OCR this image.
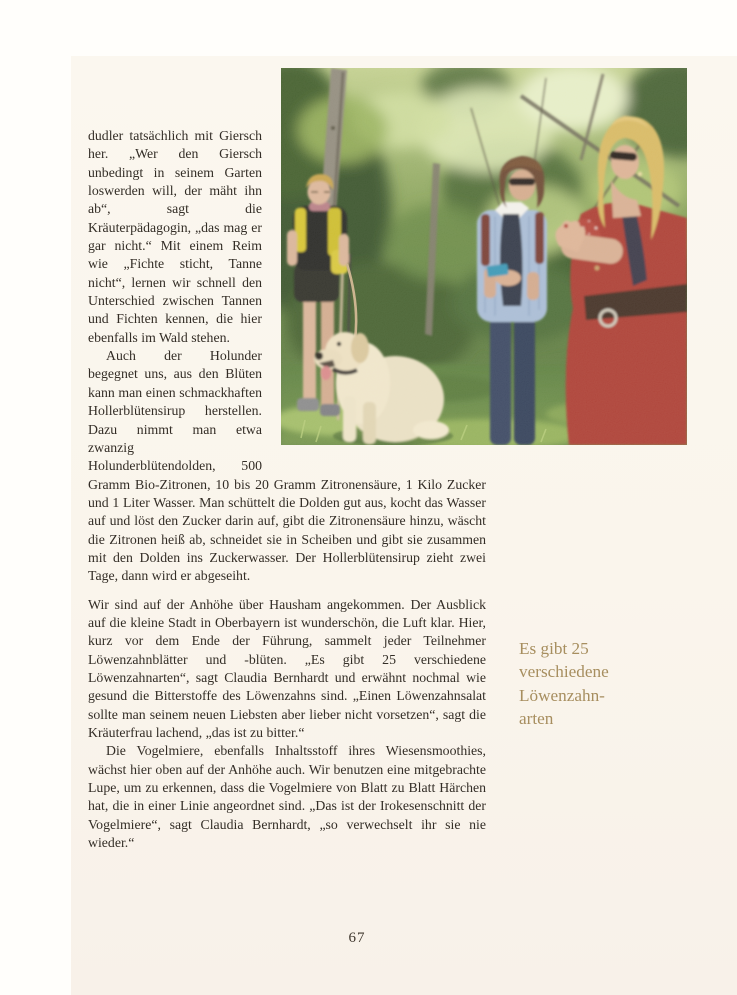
dudler tatsächlich mit Giersch her. „Wer den Giersch unbedingt in seinem Garten loswerden will, der mäht ihn ab“, sagt die Kräuterpädagogin, „das mag er gar nicht.“ Mit einem Reim wie „Fichte sticht, Tanne nicht“, lernen wir schnell den Unterschied zwischen Tannen und Fichten kennen, die hier ebenfalls im Wald stehen.

Auch der Holunder begegnet uns, aus den Blüten kann man einen schmackhaften Hollerblütensirup herstellen. Dazu nimmt man etwa zwanzig Holunderblütendolden, 500 Gramm Bio-Zitronen, 10 bis 20 Gramm Zitronensäure, 1 Kilo Zucker und 1 Liter Wasser. Man schüttelt die Dolden gut aus, kocht das Wasser auf und löst den Zucker darin auf, gibt die Zitronensäure hinzu, wäscht die Zitronen heiß ab, schneidet sie in Scheiben und gibt sie zusammen mit den Dolden ins Zuckerwasser. Der Hollerblütensirup zieht zwei Tage, dann wird er abgeseiht.

Wir sind auf der Anhöhe über Hausham angekommen. Der Ausblick auf die kleine Stadt in Oberbayern ist wunderschön, die Luft klar. Hier, kurz vor dem Ende der Führung, sammelt jeder Teilnehmer Löwenzahnblätter und -blüten. „Es gibt 25 verschiedene Löwenzahnarten“, sagt Claudia Bernhardt und erwähnt nochmal wie gesund die Bitterstoffe des Löwenzahns sind. „Einen Löwenzahnsalat sollte man seinem neuen Liebsten aber lieber nicht vorsetzen“, sagt die Kräuterfrau lachend, „das ist zu bitter.“

Die Vogelmiere, ebenfalls Inhaltsstoff ihres Wiesensmoothies, wächst hier oben auf der Anhöhe auch. Wir benutzen eine mitgebrachte Lupe, um zu erkennen, dass die Vogelmiere von Blatt zu Blatt Härchen hat, die in einer Linie angeordnet sind. „Das ist der Irokesenschnitt der Vogelmiere“, sagt Claudia Bernhardt, „so verwechselt ihr sie nie wieder.“

Es gibt 25
verschiedene
Löwenzahn-
arten
67
